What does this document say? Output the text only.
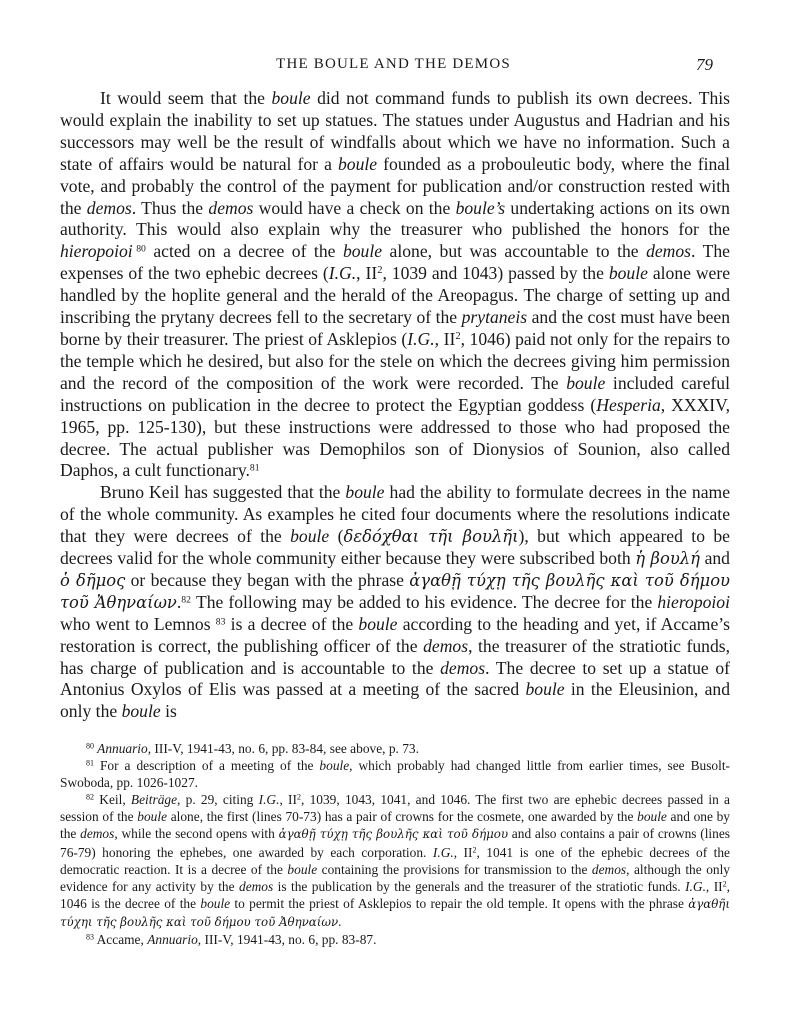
THE BOULE AND THE DEMOS	79

It would seem that the boule did not command funds to publish its own decrees. This would explain the inability to set up statues. The statues under Augustus and Hadrian and his successors may well be the result of windfalls about which we have no information. Such a state of affairs would be natural for a boule founded as a probouleutic body, where the final vote, and probably the control of the payment for publication and/or construction rested with the demos. Thus the demos would have a check on the boule’s undertaking actions on its own authority. This would also explain why the treasurer who published the honors for the hieropoioi  $^{80}$ acted on a decree of the boule alone, but was accountable to the demos. The expenses of the two ephebic decrees (I.G., $II^2$, 1039 and 1043) passed by the boule alone were handled by the hoplite general and the herald of the Areopagus. The charge of setting up and inscribing the prytany decrees fell to the secretary of the prytaneis and the cost must have been borne by their treasurer. The priest of Asklepios (I.G., $II^2$, 1046) paid not only for the repairs to the temple which he desired, but also for the stele on which the decrees giving him permission and the record of the composition of the work were recorded. The boule included careful instructions on publication in the decree to protect the Egyptian goddess (Hesperia, XXXIV, 1965, pp. 125-130), but these instructions were addressed to those who had proposed the decree. The actual publisher was Demophilos son of Dionysios of Sounion, also called Daphos, a cult functionary.$^{81}$

Bruno Keil has suggested that the boule had the ability to formulate decrees in the name of the whole community. As examples he cited four documents where the resolutions indicate that they were decrees of the boule (δεδόχθαι τῆι βουλῆι), but which appeared to be decrees valid for the whole community either because they were subscribed both ἡ βουλή and ὁ δῆμος or because they began with the phrase ἀγαθῇ τύχῃ τῆς βουλῆς καὶ τοῦ δήμου τοῦ Ἀθηναίων.$^{82}$ The following may be added to his evidence. The decree for the hieropoioi who went to Lemnos $^{83}$ is a decree of the boule according to the heading and yet, if Accame’s restoration is correct, the publishing officer of the demos, the treasurer of the stratiotic funds, has charge of publication and is accountable to the demos. The decree to set up a statue of Antonius Oxylos of Elis was passed at a meeting of the sacred boule in the Eleusinion, and only the boule is

$^{80}$ Annuario, III-V, 1941-43, no. 6, pp. 83-84, see above, p. 73.

$^{81}$ For a description of a meeting of the boule, which probably had changed little from earlier times, see Busolt-Swoboda, pp. 1026-1027.

$^{82}$ Keil, Beiträge, p. 29, citing I.G., $II^2$, 1039, 1043, 1041, and 1046. The first two are ephebic decrees passed in a session of the boule alone, the first (lines 70-73) has a pair of crowns for the cosmete, one awarded by the boule and one by the demos, while the second opens with ἀγαθῇ τύχῃ τῆς βουλῆς καὶ τοῦ δήμου and also contains a pair of crowns (lines 76-79) honoring the ephebes, one awarded by each corporation. I.G., $II^2$, 1041 is one of the ephebic decrees of the democratic reaction. It is a decree of the boule containing the provisions for transmission to the demos, although the only evidence for any activity by the demos is the publication by the generals and the treasurer of the stratiotic funds. I.G., $II^2$, 1046 is the decree of the boule to permit the priest of Asklepios to repair the old temple. It opens with the phrase ἀγαθῆι τύχηι τῆς βουλῆς καὶ τοῦ δήμου τοῦ Ἀθηναίων.

$^{83}$ Accame, Annuario, III-V, 1941-43, no. 6, pp. 83-87.
